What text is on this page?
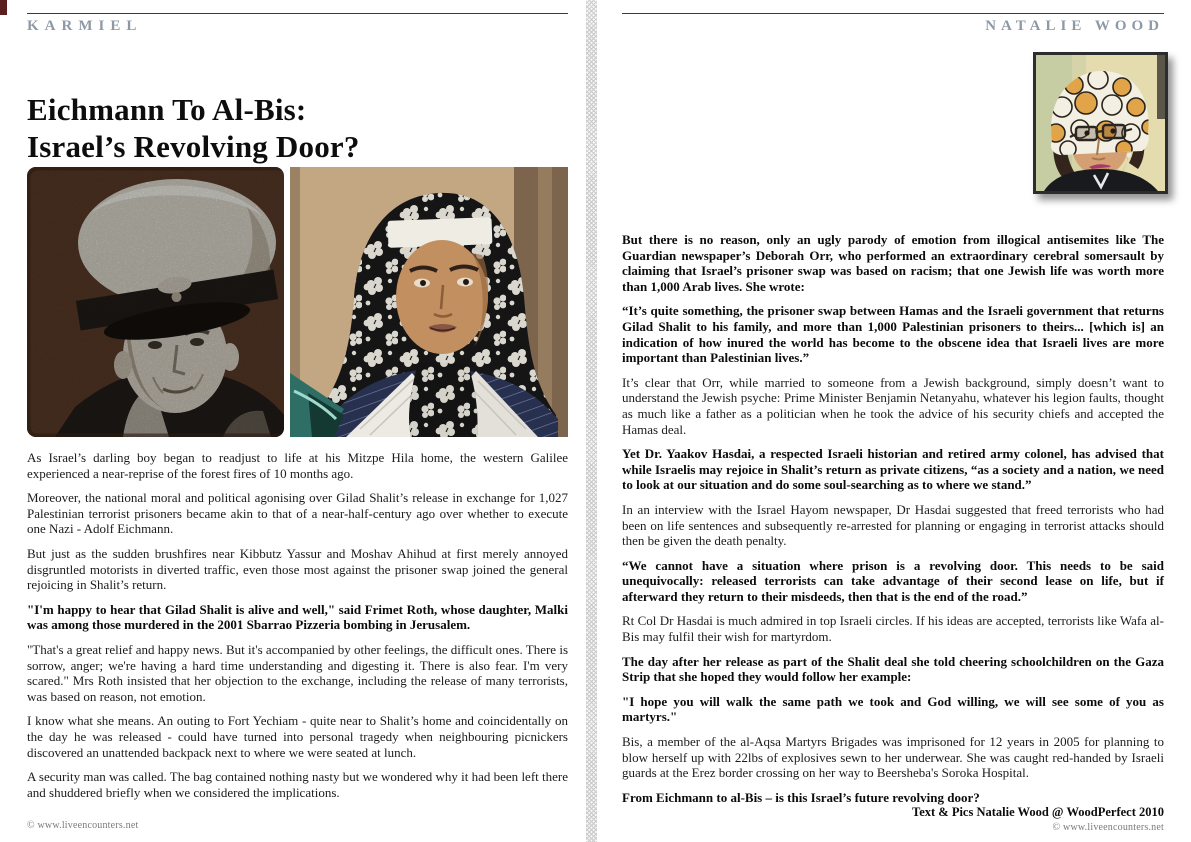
KARMIEL
Eichmann To Al-Bis:
Israel’s Revolving Door?

As Israel’s darling boy began to readjust to life at his Mitzpe Hila home, the western Galilee experienced a near-reprise of the forest fires of 10 months ago.

Moreover, the national moral and political agonising over Gilad Shalit’s release in exchange for 1,027 Palestinian terrorist prisoners became akin to that of a near-half-century ago over whether to execute one Nazi - Adolf Eichmann.

But just as the sudden brushfires near Kibbutz Yassur and Moshav Ahihud at first merely annoyed disgruntled motorists in diverted traffic, even those most against the prisoner swap joined the general rejoicing in Shalit’s return.

"I'm happy to hear that Gilad Shalit is alive and well," said Frimet Roth, whose daughter, Malki was among those murdered in the 2001 Sbarrao Pizzeria bombing in Jerusalem.

"That's a great relief and happy news. But it's accompanied by other feelings, the difficult ones. There is sorrow, anger; we're having a hard time understanding and digesting it. There is also fear. I'm very scared." Mrs Roth insisted that her objection to the exchange, including the release of many terrorists, was based on reason, not emotion.

I know what she means. An outing to Fort Yechiam - quite near to Shalit’s home and coincidentally on the day he was released - could have turned into personal tragedy when neighbouring picnickers discovered an unattended backpack next to where we were seated at lunch.

A security man was called. The bag contained nothing nasty but we wondered why it had been left there and shuddered briefly when we considered the implications.

© www.liveencounters.net
NATALIE WOOD

But there is no reason, only an ugly parody of emotion from illogical antisemites like The Guardian newspaper’s Deborah Orr, who performed an extraordinary cerebral somersault by claiming that Israel’s prisoner swap was based on racism; that one Jewish life was worth more than 1,000 Arab lives. She wrote:

“It’s quite something, the prisoner swap between Hamas and the Israeli government that returns Gilad Shalit to his family, and more than 1,000 Palestinian prisoners to theirs... [which is] an indication of how inured the world has become to the obscene idea that Israeli lives are more important than Palestinian lives.”

It’s clear that Orr, while married to someone from a Jewish background, simply doesn’t want to understand the Jewish psyche: Prime Minister Benjamin Netanyahu, whatever his legion faults, thought as much like a father as a politician when he took the advice of his security chiefs and accepted the Hamas deal.

Yet Dr. Yaakov Hasdai, a respected Israeli historian and retired army colonel, has advised that while Israelis may rejoice in Shalit’s return as private citizens, “as a society and a nation, we need to look at our situation and do some soul-searching as to where we stand.”

In an interview with the Israel Hayom newspaper, Dr Hasdai suggested that freed terrorists who had been on life sentences and subsequently re-arrested for planning or engaging in terrorist attacks should then be given the death penalty.

“We cannot have a situation where prison is a revolving door. This needs to be said unequivocally: released terrorists can take advantage of their second lease on life, but if afterward they return to their misdeeds, then that is the end of the road.”

Rt Col Dr Hasdai is much admired in top Israeli circles. If his ideas are accepted, terrorists like Wafa al-Bis may fulfil their wish for martyrdom.

The day after her release as part of the Shalit deal she told cheering schoolchildren on the Gaza Strip that she hoped they would follow her example:

"I hope you will walk the same path we took and God willing, we will see some of you as martyrs."

Bis, a member of the al-Aqsa Martyrs Brigades was imprisoned for 12 years in 2005 for planning to blow herself up with 22lbs of explosives sewn to her underwear. She was caught red-handed by Israeli guards at the Erez border crossing on her way to Beersheba's Soroka Hospital.

From Eichmann to al-Bis – is this Israel’s future revolving door?

Text & Pics Natalie Wood @ WoodPerfect 2010
© www.liveencounters.net
